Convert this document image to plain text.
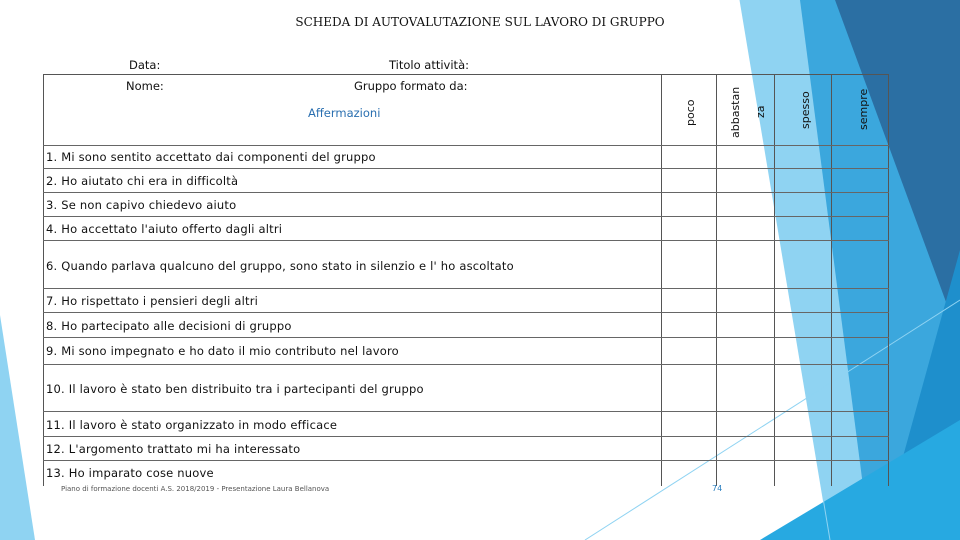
SCHEDA DI AUTOVALUTAZIONE SUL LAVORO DI GRUPPO
Data:	Titolo attività:
Nome:	Gruppo formato da:
Affermazioni	poco	abbastan za	spesso	sempre
1. Mi sono sentito accettato dai componenti del gruppo
2. Ho aiutato chi era in difficoltà
3. Se non capivo chiedevo aiuto
4. Ho accettato l'aiuto offerto dagli altri
6. Quando parlava qualcuno del gruppo, sono stato in silenzio e l' ho ascoltato
7. Ho rispettato i pensieri degli altri
8. Ho partecipato alle decisioni di gruppo
9. Mi sono impegnato e ho dato il mio contributo nel lavoro
10. Il lavoro è stato ben distribuito tra i partecipanti del gruppo
11. Il lavoro è stato organizzato in modo efficace
12. L'argomento trattato mi ha interessato
13. Ho imparato cose nuove
Piano di formazione docenti A.S. 2018/2019 - Presentazione Laura Bellanova	74
